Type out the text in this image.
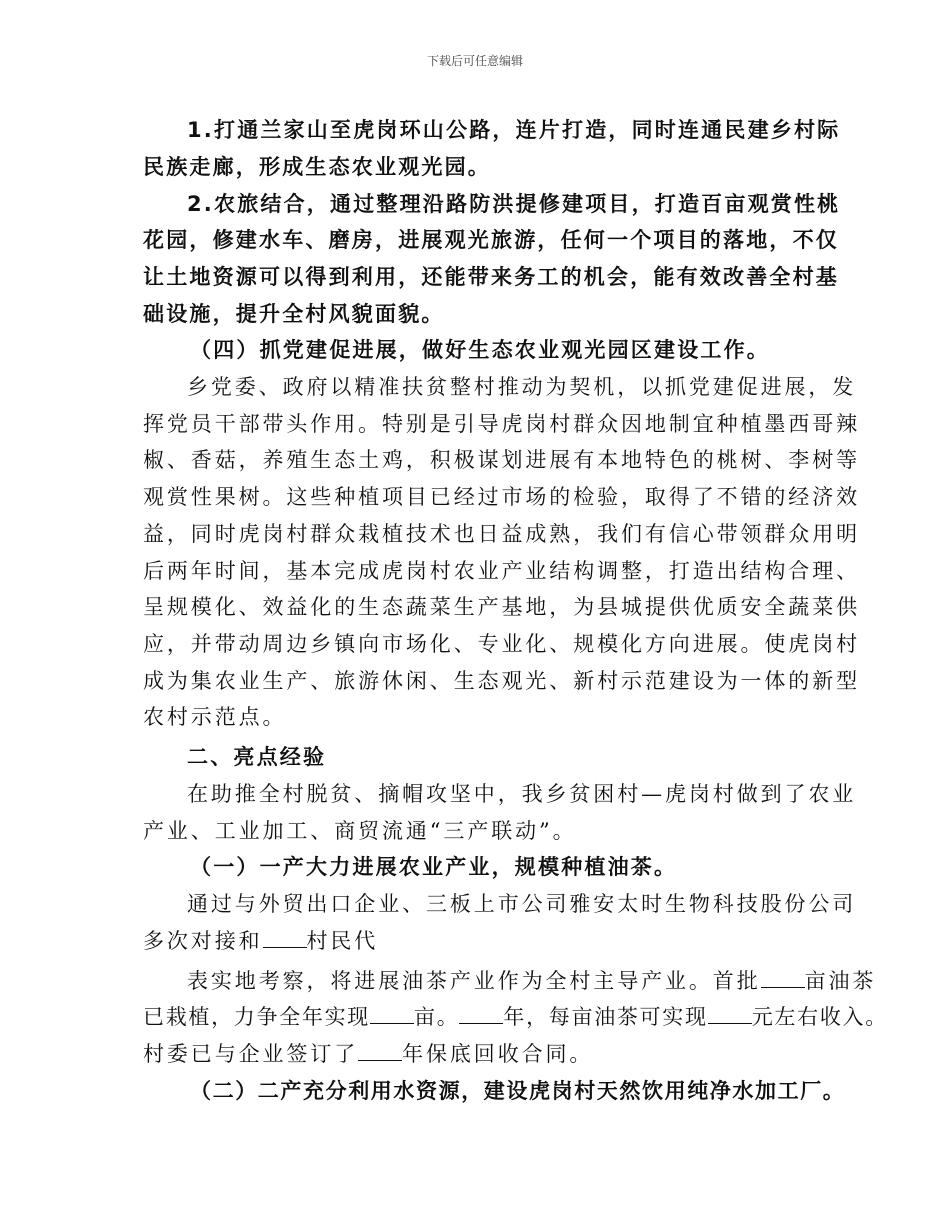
下载后可任意编辑
1.打通兰家山至虎岗环山公路，连片打造，同时连通民建乡村际
民族走廊，形成生态农业观光园。
2.农旅结合，通过整理沿路防洪提修建项目，打造百亩观赏性桃
花园，修建水车、磨房，进展观光旅游，任何一个项目的落地，不仅
让土地资源可以得到利用，还能带来务工的机会，能有效改善全村基
础设施，提升全村风貌面貌。
（四）抓党建促进展，做好生态农业观光园区建设工作。
乡党委、政府以精准扶贫整村推动为契机，以抓党建促进展，发
挥党员干部带头作用。特别是引导虎岗村群众因地制宜种植墨西哥辣
椒、香菇，养殖生态土鸡，积极谋划进展有本地特色的桃树、李树等
观赏性果树。这些种植项目已经过市场的检验，取得了不错的经济效
益，同时虎岗村群众栽植技术也日益成熟，我们有信心带领群众用明
后两年时间，基本完成虎岗村农业产业结构调整，打造出结构合理、
呈规模化、效益化的生态蔬菜生产基地，为县城提供优质安全蔬菜供
应，并带动周边乡镇向市场化、专业化、规模化方向进展。使虎岗村
成为集农业生产、旅游休闲、生态观光、新村示范建设为一体的新型
农村示范点。
二、亮点经验
在助推全村脱贫、摘帽攻坚中，我乡贫困村—虎岗村做到了农业
产业、工业加工、商贸流通“三产联动”。
（一）一产大力进展农业产业，规模种植油茶。
通过与外贸出口企业、三板上市公司雅安太时生物科技股份公司
多次对接和 村民代
表实地考察，将进展油茶产业作为全村主导产业。首批 亩油茶
已栽植，力争全年实现 亩。 年，每亩油茶可实现 元左右收入。
村委已与企业签订了 年保底回收合同。
（二）二产充分利用水资源，建设虎岗村天然饮用纯净水加工厂。
